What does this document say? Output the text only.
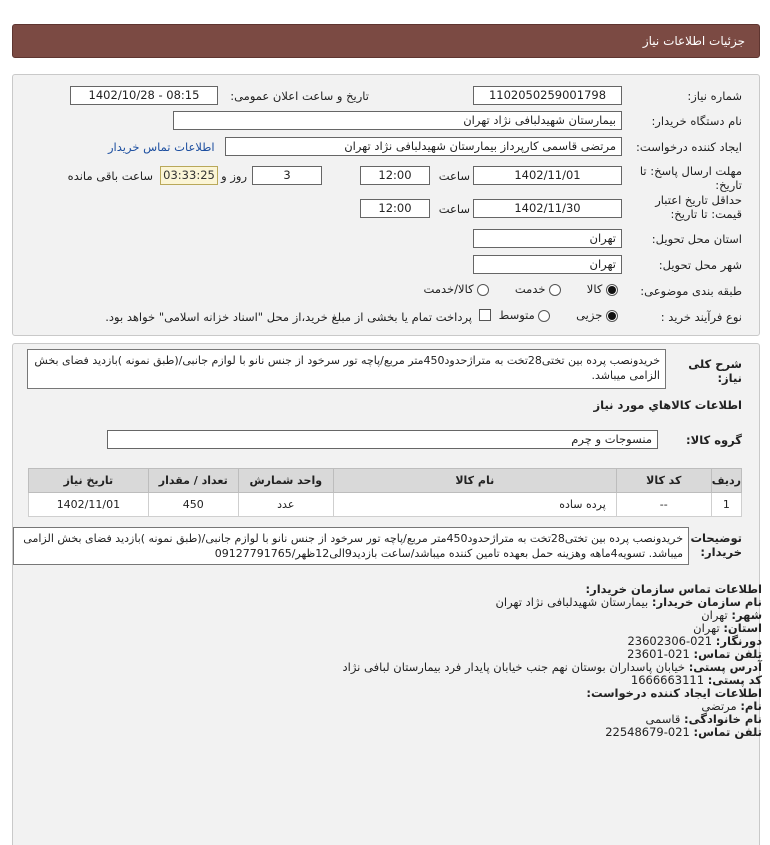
جزئیات اطلاعات نیاز
شماره نیاز:
1102050259001798
تاریخ و ساعت اعلان عمومی:
1402/10/28 - 08:15
نام دستگاه خریدار:
بیمارستان شهیدلبافی نژاد تهران
ایجاد کننده درخواست:
مرتضی قاسمی کارپرداز بیمارستان شهیدلبافی نژاد تهران
اطلاعات تماس خریدار
مهلت ارسال پاسخ: تا تاریخ:
1402/11/01
ساعت
12:00
3
روز و
03:33:25
ساعت باقی مانده
حداقل تاریخ اعتبار قیمت: تا تاریخ:
1402/11/30
ساعت
12:00
استان محل تحویل:
تهران
شهر محل تحویل:
تهران
طبقه بندی موضوعی:
کالا  خدمت  کالا/خدمت
نوع فرآیند خرید :
جزیی  متوسط
پرداخت تمام یا بخشی از مبلغ خرید،از محل "اسناد خزانه اسلامی" خواهد بود.
شرح کلی نیاز:
خریدونصب پرده بین تختی28تخت به متراژحدود450متر مربع/پاچه تور سرخود از جنس نانو با لوازم جانبی/(طبق نمونه )بازدید فضای بخش الزامی میباشد.
اطلاعات کالاهاي مورد نياز
گروه کالا:
منسوجات و چرم
ردیف	کد کالا	نام کالا	واحد شمارش	تعداد / مقدار	تاریخ نیاز
1	--	پرده ساده	عدد	450	1402/11/01
توضیحات خریدار:
خریدونصب پرده بین تختی28تخت به متراژحدود450متر مربع/پاچه تور سرخود از جنس نانو با لوازم جانبی/(طبق نمونه )بازدید فضای بخش الزامی میباشد. تسویه4ماهه وهزینه حمل بعهده تامین کننده میباشد/ساعت بازدید9الی12ظهر/09127791765
اطلاعات تماس سازمان خریدار:
نام سازمان خریدار: بیمارستان شهیدلبافی نژاد تهران
شهر: تهران
استان: تهران
دورنگار: 021-23602306
تلفن تماس: 021-23601
آدرس پستی: خیابان پاسداران بوستان نهم جنب خیابان پایدار فرد بیمارستان لبافی نژاد
کد پستی: 1666663111
اطلاعات ایجاد کننده درخواست:
نام: مرتضی
نام خانوادگی: قاسمی
تلفن تماس: 021-22548679
